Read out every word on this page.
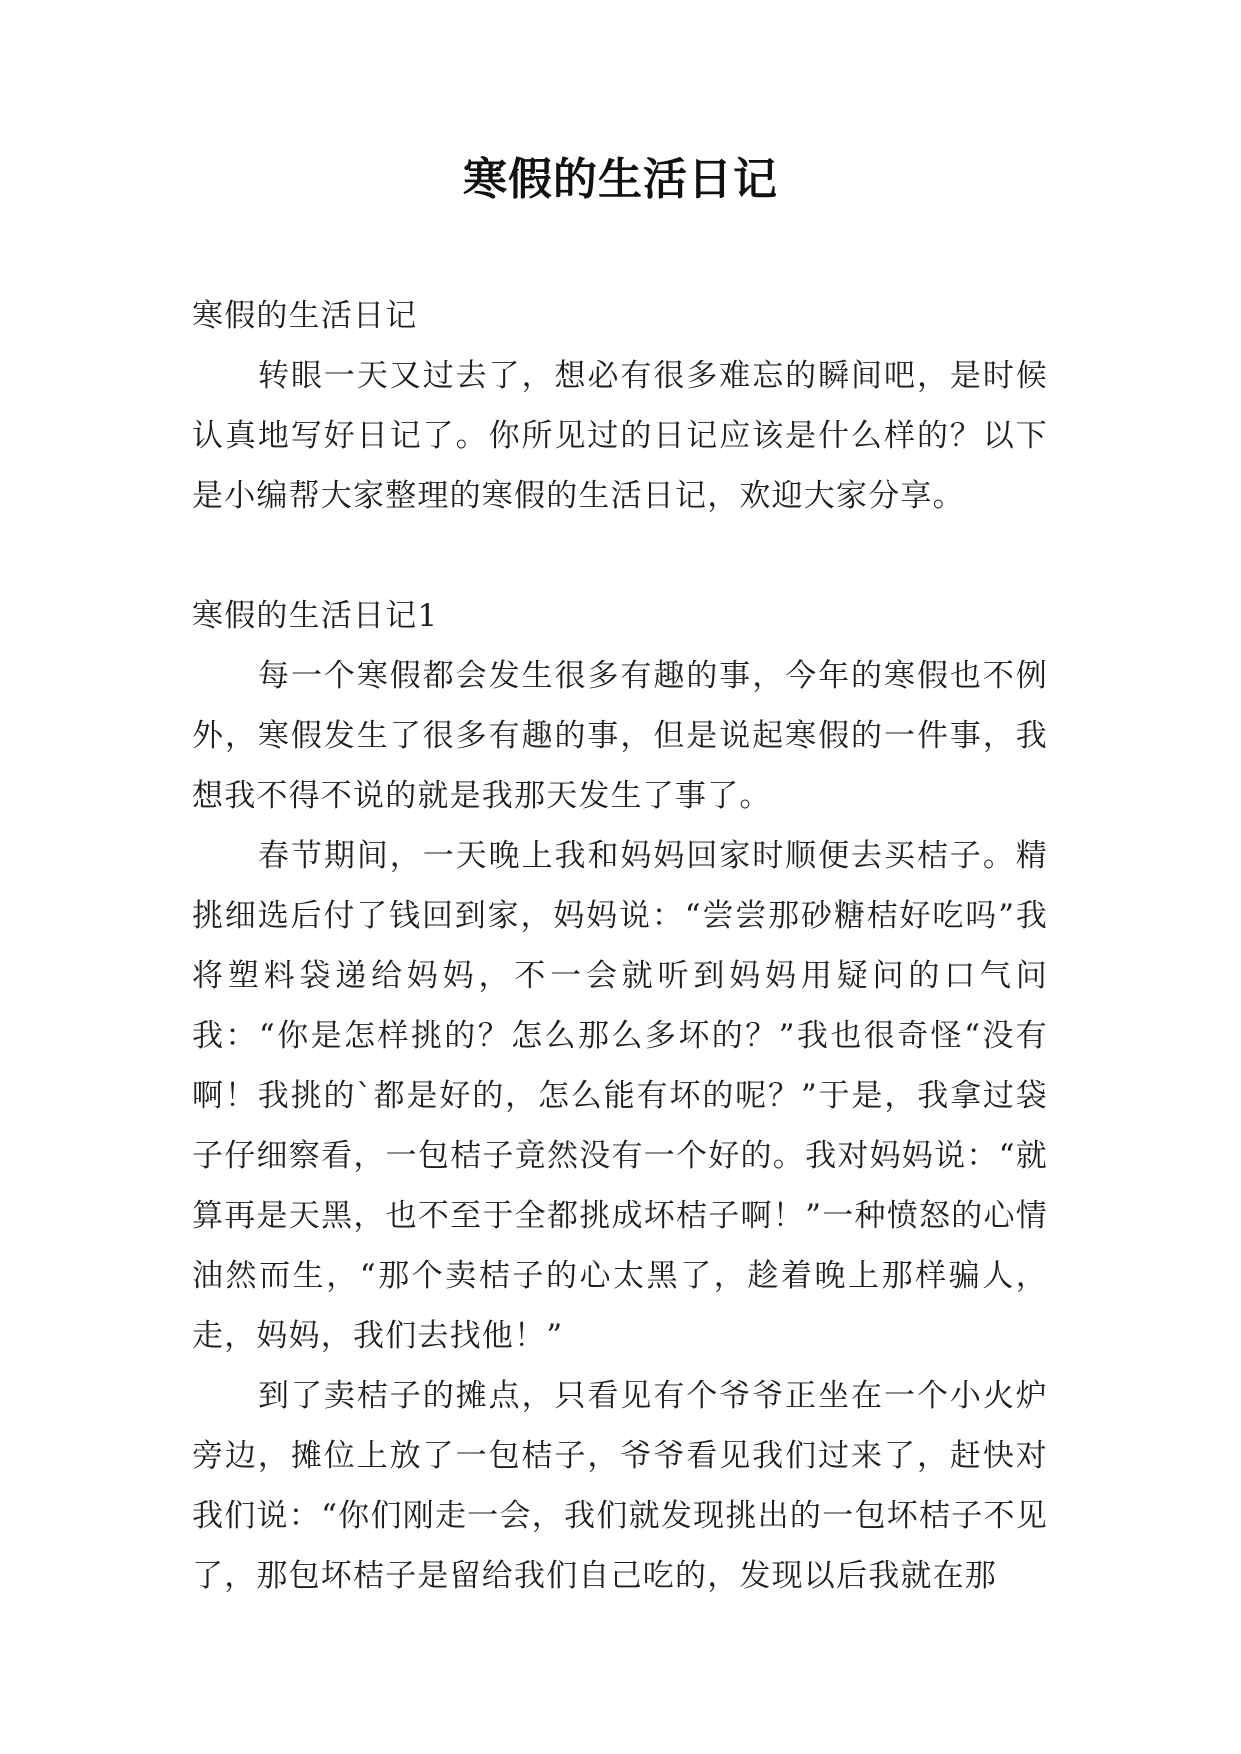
寒假的生活日记

寒假的生活日记

转眼一天又过去了，想必有很多难忘的瞬间吧，是时候认真地写好日记了。你所见过的日记应该是什么样的？以下是小编帮大家整理的寒假的生活日记，欢迎大家分享。

寒假的生活日记1

每一个寒假都会发生很多有趣的事，今年的寒假也不例外，寒假发生了很多有趣的事，但是说起寒假的一件事，我想我不得不说的就是我那天发生了事了。

春节期间，一天晚上我和妈妈回家时顺便去买桔子。精挑细选后付了钱回到家，妈妈说：“尝尝那砂糖桔好吃吗”我将塑料袋递给妈妈，不一会就听到妈妈用疑问的口气问我：“你是怎样挑的？怎么那么多坏的？”我也很奇怪“没有啊！我挑的`都是好的，怎么能有坏的呢？”于是，我拿过袋子仔细察看，一包桔子竟然没有一个好的。我对妈妈说：“就算再是天黑，也不至于全都挑成坏桔子啊！”一种愤怒的心情油然而生，“那个卖桔子的心太黑了，趁着晚上那样骗人，走，妈妈，我们去找他！”

到了卖桔子的摊点，只看见有个爷爷正坐在一个小火炉旁边，摊位上放了一包桔子，爷爷看见我们过来了，赶快对我们说：“你们刚走一会，我们就发现挑出的一包坏桔子不见了，那包坏桔子是留给我们自己吃的，发现以后我就在那
